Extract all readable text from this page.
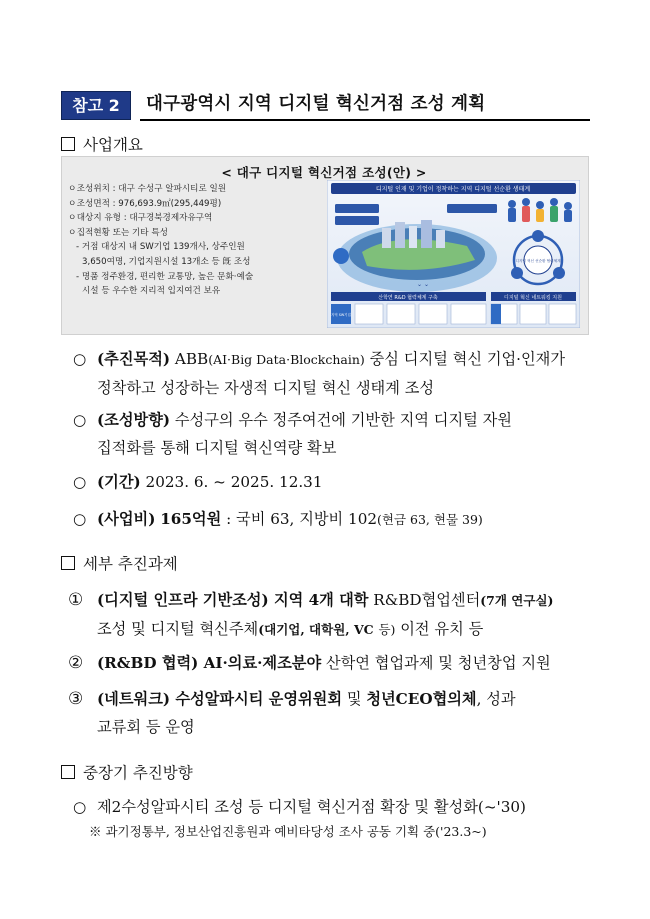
참고 2	대구광역시 지역 디지털 혁신거점 조성 계획
사업개요
< 대구 디지털 혁신거점 조성(안) >
ㅇ 조성위치 : 대구 수성구 알파시티로 일원
ㅇ 조성면적 : 976,693.9㎡(295,449평)
ㅇ 대상지 유형 : 대구경북경제자유구역
ㅇ 집적현황 또는 기타 특성
- 거점 대상지 내 SW기업 139개사, 상주인원
3,650여명, 기업지원시설 13개소 등 旣 조성
- 명품 정주환경, 편리한 교통망, 높은 문화·예술
시설 등 우수한 지리적 입지여건 보유
디지털 인재 및 기업이 정착하는 지역 디지털 선순환 생태계
디지털 혁신 선순환 협력체계
산학연 R&D 협력체계 구축	디지털 혁신 네트워킹 지원
지역 SW기업
⌄ ⌄
○ (추진목적) ABB(AI·Big Data·Blockchain) 중심 디지털 혁신 기업·인재가
정착하고 성장하는 자생적 디지털 혁신 생태계 조성
○ (조성방향) 수성구의 우수 정주여건에 기반한 지역 디지털 자원
집적화를 통해 디지털 혁신역량 확보
○ (기간) 2023. 6. ~ 2025. 12.31
○ (사업비) 165억원 : 국비 63, 지방비 102(현금 63, 현물 39)
세부 추진과제
① (디지털 인프라 기반조성) 지역 4개 대학 R&BD협업센터(7개 연구실)
조성 및 디지털 혁신주체(대기업, 대학원, VC 등) 이전 유치 등
② (R&BD 협력) AI·의료·제조분야 산학연 협업과제 및 청년창업 지원
③ (네트워크) 수성알파시티 운영위원회 및 청년CEO협의체, 성과
교류회 등 운영
중장기 추진방향
○ 제2수성알파시티 조성 등 디지털 혁신거점 확장 및 활성화(~'30)
※ 과기정통부, 정보산업진흥원과 예비타당성 조사 공동 기획 중('23.3~)
